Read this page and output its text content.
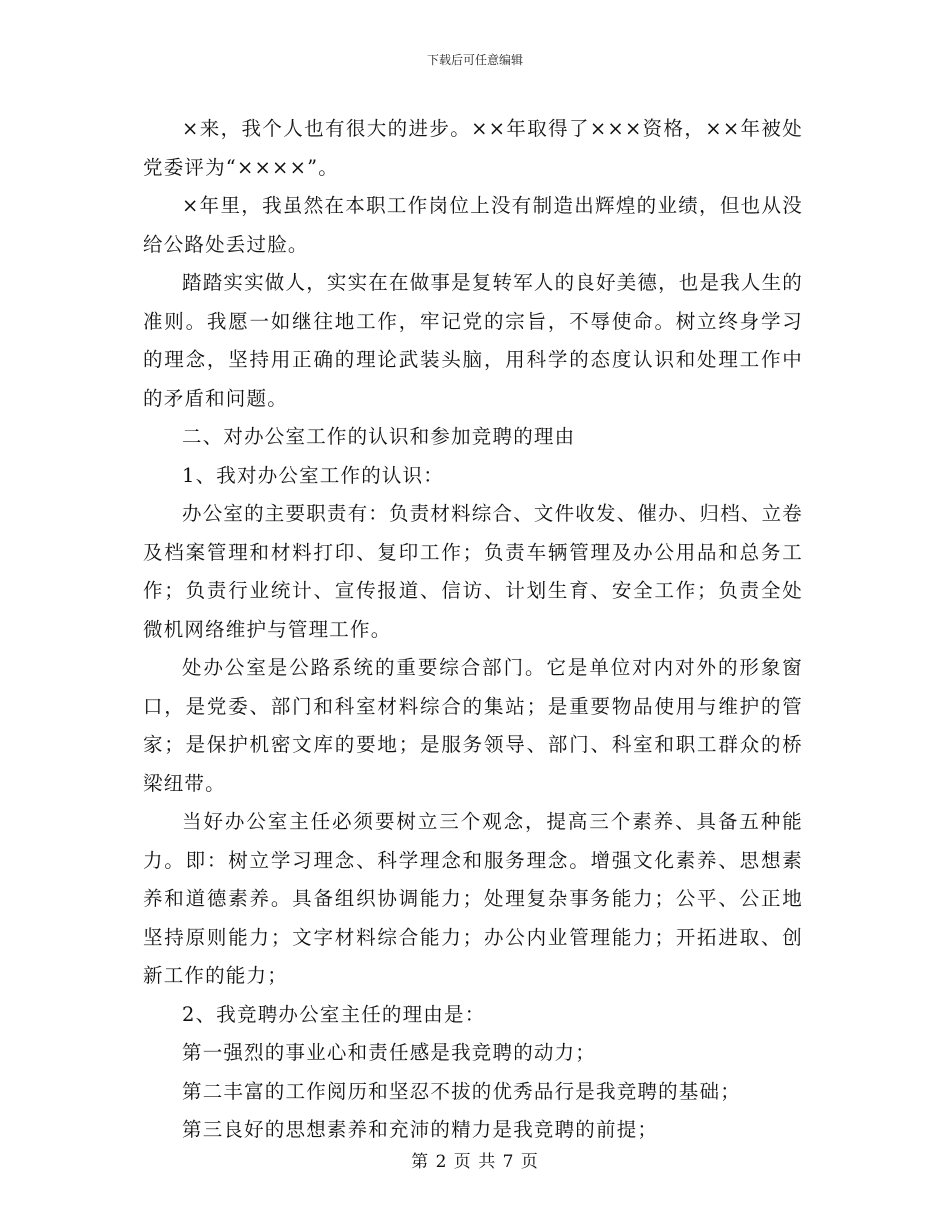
下载后可任意编辑

×来，我个人也有很大的进步。××年取得了×××资格，××年被处党委评为“××××”。

×年里，我虽然在本职工作岗位上没有制造出辉煌的业绩，但也从没给公路处丢过脸。

踏踏实实做人，实实在在做事是复转军人的良好美德，也是我人生的准则。我愿一如继往地工作，牢记党的宗旨，不辱使命。树立终身学习的理念，坚持用正确的理论武装头脑，用科学的态度认识和处理工作中的矛盾和问题。

二、对办公室工作的认识和参加竞聘的理由

1、我对办公室工作的认识：

办公室的主要职责有：负责材料综合、文件收发、催办、归档、立卷及档案管理和材料打印、复印工作；负责车辆管理及办公用品和总务工作；负责行业统计、宣传报道、信访、计划生育、安全工作；负责全处微机网络维护与管理工作。

处办公室是公路系统的重要综合部门。它是单位对内对外的形象窗口，是党委、部门和科室材料综合的集站；是重要物品使用与维护的管家；是保护机密文库的要地；是服务领导、部门、科室和职工群众的桥梁纽带。

当好办公室主任必须要树立三个观念，提高三个素养、具备五种能力。即：树立学习理念、科学理念和服务理念。增强文化素养、思想素养和道德素养。具备组织协调能力；处理复杂事务能力；公平、公正地坚持原则能力；文字材料综合能力；办公内业管理能力；开拓进取、创新工作的能力；

2、我竞聘办公室主任的理由是：

第一强烈的事业心和责任感是我竞聘的动力；

第二丰富的工作阅历和坚忍不拔的优秀品行是我竞聘的基础；

第三良好的思想素养和充沛的精力是我竞聘的前提；

第 2 页 共 7 页
